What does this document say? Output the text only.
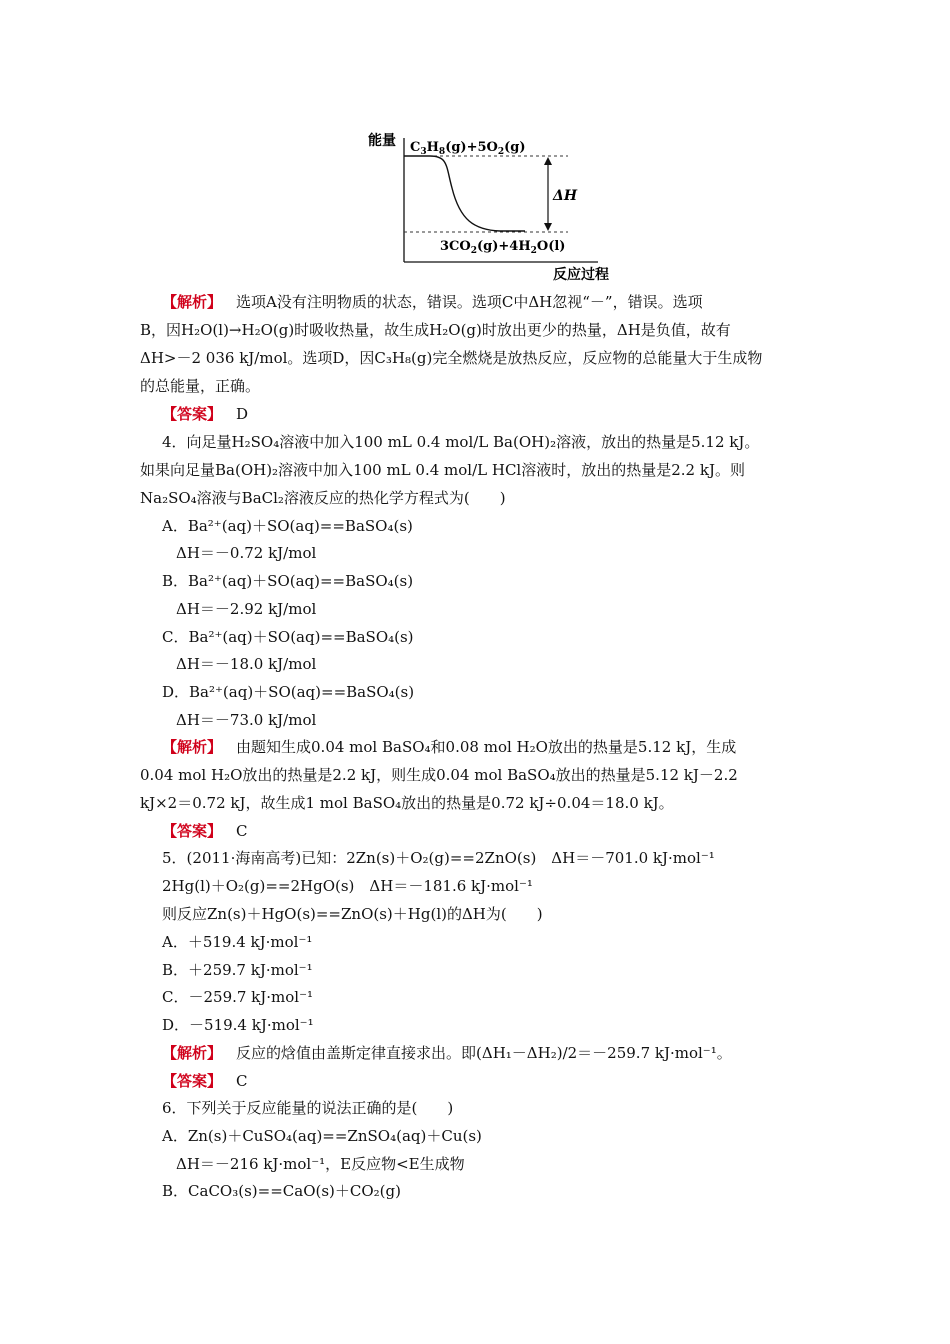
能量 $C_3H_8(g)+5O_2(g)$
ΔH
$3CO_2(g)+4H_2O(l)$
反应过程
【解析】 选项A没有注明物质的状态，错误。选项C中ΔH忽视“－”，错误。选项
B，因H₂O(l)→H₂O(g)时吸收热量，故生成H₂O(g)时放出更少的热量，ΔH是负值，故有
ΔH>－2 036 kJ/mol。选项D，因C₃H₈(g)完全燃烧是放热反应，反应物的总能量大于生成物
的总能量，正确。
【答案】 D
4．向足量H₂SO₄溶液中加入100 mL 0.4 mol/L Ba(OH)₂溶液，放出的热量是5.12 kJ。
如果向足量Ba(OH)₂溶液中加入100 mL 0.4 mol/L HCl溶液时，放出的热量是2.2 kJ。则
Na₂SO₄溶液与BaCl₂溶液反应的热化学方程式为(　　)
A．Ba²⁺(aq)＋SO(aq)==BaSO₄(s)
ΔH＝－0.72 kJ/mol
B．Ba²⁺(aq)＋SO(aq)==BaSO₄(s)
ΔH＝－2.92 kJ/mol
C．Ba²⁺(aq)＋SO(aq)==BaSO₄(s)
ΔH＝－18.0 kJ/mol
D．Ba²⁺(aq)＋SO(aq)==BaSO₄(s)
ΔH＝－73.0 kJ/mol
【解析】 由题知生成0.04 mol BaSO₄和0.08 mol H₂O放出的热量是5.12 kJ，生成
0.04 mol H₂O放出的热量是2.2 kJ，则生成0.04 mol BaSO₄放出的热量是5.12 kJ－2.2
kJ×2＝0.72 kJ，故生成1 mol BaSO₄放出的热量是0.72 kJ÷0.04＝18.0 kJ。
【答案】 C
5．(2011·海南高考)已知：2Zn(s)＋O₂(g)==2ZnO(s)　ΔH＝－701.0 kJ·mol⁻¹
2Hg(l)＋O₂(g)==2HgO(s)　ΔH＝－181.6 kJ·mol⁻¹
则反应Zn(s)＋HgO(s)==ZnO(s)＋Hg(l)的ΔH为(　　)
A．＋519.4 kJ·mol⁻¹
B．＋259.7 kJ·mol⁻¹
C．－259.7 kJ·mol⁻¹
D．－519.4 kJ·mol⁻¹
【解析】 反应的焓值由盖斯定律直接求出。即(ΔH₁－ΔH₂)/2＝－259.7 kJ·mol⁻¹。
【答案】 C
6．下列关于反应能量的说法正确的是(　　)
A．Zn(s)＋CuSO₄(aq)==ZnSO₄(aq)＋Cu(s)
ΔH＝－216 kJ·mol⁻¹，E反应物<E生成物
B．CaCO₃(s)==CaO(s)＋CO₂(g)
